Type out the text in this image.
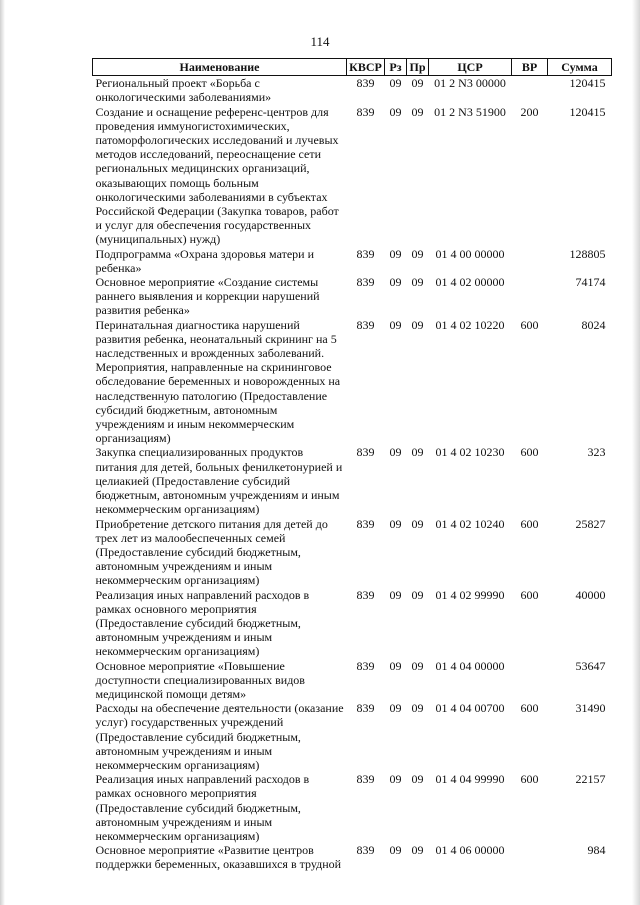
114
Наименование	КВСР	Рз	Пр	ЦСР	ВР	Сумма
Региональный проект «Борьба с онкологическими заболеваниями»	839	09	09	01 2 N3 00000		120415
Создание и оснащение референс-центров для проведения иммуногистохимических, патоморфологических исследований и лучевых методов исследований, переоснащение сети региональных медицинских организаций, оказывающих помощь больным онкологическими заболеваниями в субъектах Российской Федерации (Закупка товаров, работ и услуг для обеспечения государственных (муниципальных) нужд)	839	09	09	01 2 N3 51900	200	120415
Подпрограмма «Охрана здоровья матери и ребенка»	839	09	09	01 4 00 00000		128805
Основное мероприятие «Создание системы раннего выявления и коррекции нарушений развития ребенка»	839	09	09	01 4 02 00000		74174
Перинатальная диагностика нарушений развития ребенка, неонатальный скрининг на 5 наследственных и врожденных заболеваний. Мероприятия, направленные на скрининговое обследование беременных и новорожденных на наследственную патологию (Предоставление субсидий бюджетным, автономным учреждениям и иным некоммерческим организациям)	839	09	09	01 4 02 10220	600	8024
Закупка специализированных продуктов питания для детей, больных фенилкетонурией и целиакией (Предоставление субсидий бюджетным, автономным учреждениям и иным некоммерческим организациям)	839	09	09	01 4 02 10230	600	323
Приобретение детского питания для детей до трех лет из малообеспеченных семей (Предоставление субсидий бюджетным, автономным учреждениям и иным некоммерческим организациям)	839	09	09	01 4 02 10240	600	25827
Реализация иных направлений расходов в рамках основного мероприятия (Предоставление субсидий бюджетным, автономным учреждениям и иным некоммерческим организациям)	839	09	09	01 4 02 99990	600	40000
Основное мероприятие «Повышение доступности специализированных видов медицинской помощи детям»	839	09	09	01 4 04 00000		53647
Расходы на обеспечение деятельности (оказание услуг) государственных учреждений (Предоставление субсидий бюджетным, автономным учреждениям и иным некоммерческим организациям)	839	09	09	01 4 04 00700	600	31490
Реализация иных направлений расходов в рамках основного мероприятия (Предоставление субсидий бюджетным, автономным учреждениям и иным некоммерческим организациям)	839	09	09	01 4 04 99990	600	22157
Основное мероприятие «Развитие центров поддержки беременных, оказавшихся в трудной	839	09	09	01 4 06 00000		984
